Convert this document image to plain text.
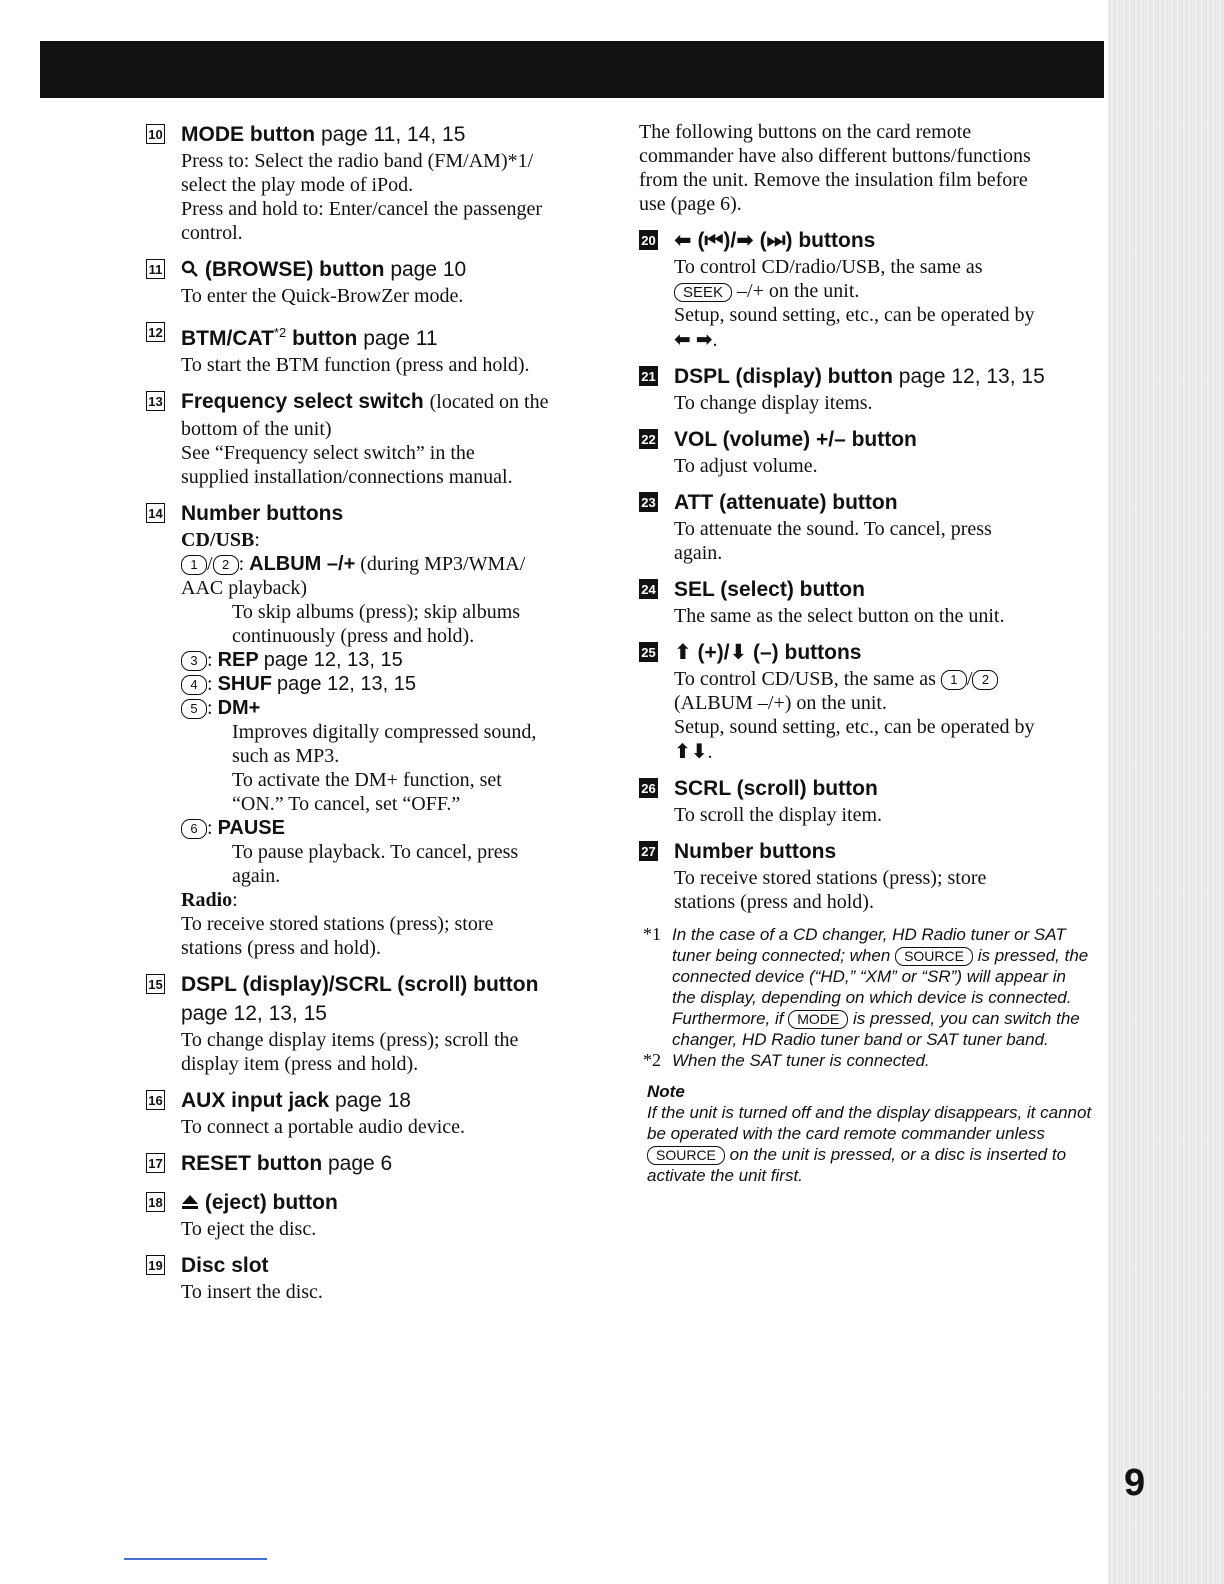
10 MODE button page 11, 14, 15
Press to: Select the radio band (FM/AM)*1/
select the play mode of iPod.
Press and hold to: Enter/cancel the passenger
control.
11 (BROWSE) button page 10
To enter the Quick-BrowZer mode.
12 BTM/CAT$^{*2}$ button page 11
To start the BTM function (press and hold).
13 Frequency select switch (located on the
bottom of the unit)
See “Frequency select switch” in the
supplied installation/connections manual.
14 Number buttons
CD/USB:
1 / 2 : ALBUM –/+ (during MP3/WMA/
AAC playback)
To skip albums (press); skip albums
continuously (press and hold).
3 : REP page 12, 13, 15
4 : SHUF page 12, 13, 15
5 : DM+
Improves digitally compressed sound,
such as MP3.
To activate the DM+ function, set
“ON.” To cancel, set “OFF.”
6 : PAUSE
To pause playback. To cancel, press
again.
Radio:
To receive stored stations (press); store
stations (press and hold).
15 DSPL (display)/SCRL (scroll) button
page 12, 13, 15
To change display items (press); scroll the
display item (press and hold).
16 AUX input jack page 18
To connect a portable audio device.
17 RESET button page 6
18 (eject) button
To eject the disc.
19 Disc slot
To insert the disc.
The following buttons on the card remote
commander have also different buttons/functions
from the unit. Remove the insulation film before
use (page 6).
20 ⬅ (⏮)/➡ (⏭) buttons
To control CD/radio/USB, the same as
SEEK –/+ on the unit.
Setup, sound setting, etc., can be operated by
⬅ ➡.
21 DSPL (display) button page 12, 13, 15
To change display items.
22 VOL (volume) +/– button
To adjust volume.
23 ATT (attenuate) button
To attenuate the sound. To cancel, press
again.
24 SEL (select) button
The same as the select button on the unit.
25 ⬆ (+)/⬇ (–) buttons
To control CD/USB, the same as 1 / 2
(ALBUM –/+) on the unit.
Setup, sound setting, etc., can be operated by
⬆⬇.
26 SCRL (scroll) button
To scroll the display item.
27 Number buttons
To receive stored stations (press); store
stations (press and hold).
*1 In the case of a CD changer, HD Radio tuner or SAT tuner being connected; when SOURCE is pressed, the connected device (“HD,” “XM” or “SR”) will appear in the display, depending on which device is connected. Furthermore, if MODE is pressed, you can switch the changer, HD Radio tuner band or SAT tuner band.
*2 When the SAT tuner is connected.
Note
If the unit is turned off and the display disappears, it cannot be operated with the card remote commander unless SOURCE on the unit is pressed, or a disc is inserted to activate the unit first.
9
